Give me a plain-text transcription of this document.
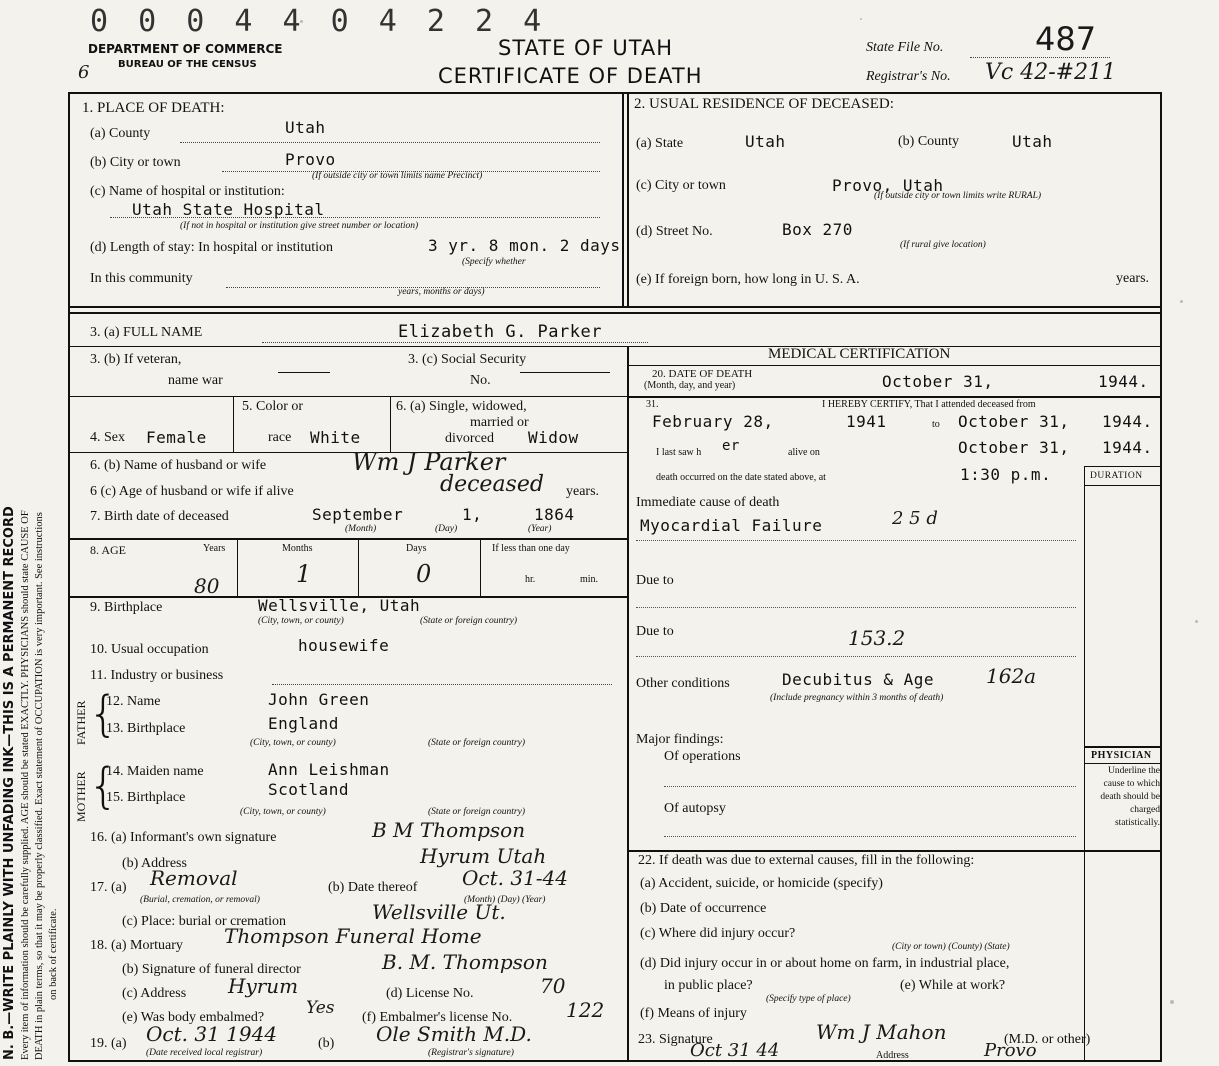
0 0 0 4 4 0 4 2 2 4
DEPARTMENT OF COMMERCE
BUREAU OF THE CENSUS
6
STATE OF UTAH
CERTIFICATE OF DEATH
State File No.	487
Registrar's No. Vc 42-#211
N. B.—WRITE PLAINLY WITH UNFADING INK—THIS IS A PERMANENT RECORD Every item of information should be carefully supplied. AGE should be stated EXACTLY. PHYSICIANS should state CAUSE OF DEATH in plain terms, so that it may be properly classified. Exact statement of OCCUPATION is very important. See instructions on back of certificate.
1. PLACE OF DEATH:
(a) County	Utah
(b) City or town	Provo
(If outside city or town limits name Precinct)
(c) Name of hospital or institution:
Utah State Hospital
(If not in hospital or institution give street number or location)
(d) Length of stay: In hospital or institution	3 yr. 8 mon. 2 days
(Specify whether
In this community
years, months or days)
2. USUAL RESIDENCE OF DECEASED:
(a) State	Utah	(b) County	Utah
(c) City or town	Provo, Utah
(If outside city or town limits write RURAL)
(d) Street No.	Box 270
(If rural give location)
(e) If foreign born, how long in U. S. A.	years.
3. (a) FULL NAME	Elizabeth G. Parker
3. (b) If veteran,
name war
3. (c) Social Security
No.
4. Sex Female
5. Color or
race White
6. (a) Single, widowed,
married or
divorced Widow
6. (b) Name of husband or wife	Wm J Parker
6 (c) Age of husband or wife if alive	deceased years.
7. Birth date of deceased	September	1,	1864
(Month)	(Day)	(Year)
8. AGE	Years	Months	Days	If less than one day
80	1	0	hr.	min.
9. Birthplace	Wellsville, Utah
(City, town, or county)	(State or foreign country)
10. Usual occupation	housewife
11. Industry or business
FATHER {
12. Name	John Green
13. Birthplace	England
(City, town, or county)	(State or foreign country)
MOTHER {
14. Maiden name	Ann Leishman
15. Birthplace	Scotland
(City, town, or county)	(State or foreign country)
16. (a) Informant's own signature	B M Thompson
(b) Address	Hyrum Utah
17. (a) Removal
(Burial, cremation, or removal)
(b) Date thereof Oct. 31-44
(Month) (Day) (Year)
(c) Place: burial or cremation	Wellsville Ut.
18. (a) Mortuary Thompson Funeral Home
(b) Signature of funeral director	B. M. Thompson
(c) Address Hyrum	(d) License No.	70
(e) Was body embalmed? Yes (f) Embalmer's license No.	122
19. (a) Oct. 31 1944
(Date received local registrar)
(b) Ole Smith M.D.
(Registrar's signature)
MEDICAL CERTIFICATION
20. DATE OF DEATH
(Month, day, and year)	October 31,	1944.
31.	I HEREBY CERTIFY, That I attended deceased from
February 28,	1941	to October 31, 1944.
I last saw h er	alive on	October 31, 1944.
death occurred on the date stated above, at	1:30 p.m.	DURATION
Immediate cause of death
Myocardial Failure	2 5 d
Due to
Due to	153.2
Other conditions	Decubitus & Age	162a
(Include pregnancy within 3 months of death)
Major findings:
Of operations
Of autopsy
PHYSICIAN
Underline the cause to which death should be charged statistically.
22. If death was due to external causes, fill in the following:
(a) Accident, suicide, or homicide (specify)
(b) Date of occurrence
(c) Where did injury occur?
(City or town) (County) (State)
(d) Did injury occur in or about home on farm, in industrial place,
in public place?
(Specify type of place)
(e) While at work?
(f) Means of injury
23. Signature	Wm J Mahon	(M.D. or other)
Oct 31 44	Address	Provo
